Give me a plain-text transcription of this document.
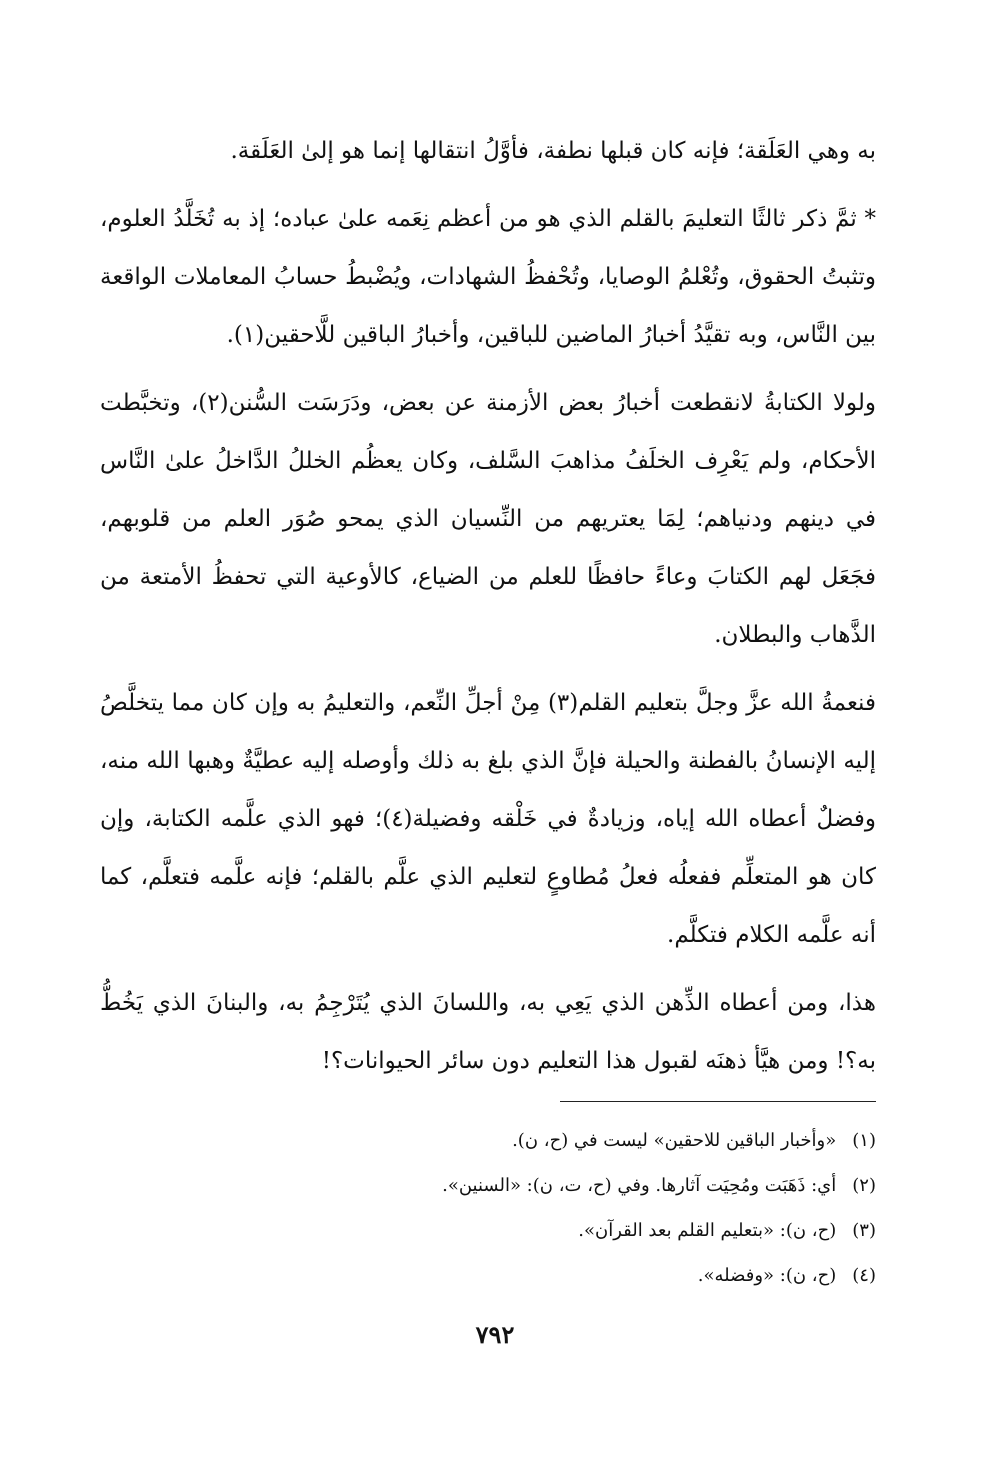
به وهي العَلَقة؛ فإنه كان قبلها نطفة، فأوَّلُ انتقالها إنما هو إلىٰ العَلَقة.

* ثمَّ ذكر ثالثًا التعليمَ بالقلم الذي هو من أعظم نِعَمه علىٰ عباده؛ إذ به تُخَلَّدُ العلوم، وتثبتُ الحقوق، وتُعْلمُ الوصايا، وتُحْفظُ الشهادات، ويُضْبطُ حسابُ المعاملات الواقعة بين النَّاس، وبه تقيَّدُ أخبارُ الماضين للباقين، وأخبارُ الباقين للَّاحقين(١).

ولولا الكتابةُ لانقطعت أخبارُ بعض الأزمنة عن بعض، ودَرَسَت السُّنن(٢)، وتخبَّطت الأحكام، ولم يَعْرِف الخلَفُ مذاهبَ السَّلف، وكان يعظُم الخللُ الدَّاخلُ علىٰ النَّاس في دينهم ودنياهم؛ لِمَا يعتريهم من النِّسيان الذي يمحو صُوَر العلم من قلوبهم، فجَعَل لهم الكتابَ وعاءً حافظًا للعلم من الضياع، كالأوعية التي تحفظُ الأمتعة من الذَّهاب والبطلان.

فنعمةُ الله عزَّ وجلَّ بتعليم القلم(٣) مِنْ أجلِّ النِّعم، والتعليمُ به وإن كان مما يتخلَّصُ إليه الإنسانُ بالفطنة والحيلة فإنَّ الذي بلغ به ذلك وأوصله إليه عطيَّةٌ وهبها الله منه، وفضلٌ أعطاه الله إياه، وزيادةٌ في خَلْقه وفضيلة(٤)؛ فهو الذي علَّمه الكتابة، وإن كان هو المتعلِّم ففعلُه فعلُ مُطاوعٍ لتعليم الذي علَّم بالقلم؛ فإنه علَّمه فتعلَّم، كما أنه علَّمه الكلام فتكلَّم.

هذا، ومن أعطاه الذِّهن الذي يَعِي به، واللسانَ الذي يُتَرْجِمُ به، والبنانَ الذي يَخُطُّ به؟! ومن هيَّأ ذهنَه لقبول هذا التعليم دون سائر الحيوانات؟!

(١) «وأخبار الباقين للاحقين» ليست في (ح، ن).
(٢) أي: ذَهَبَت ومُحِيَت آثارها. وفي (ح، ت، ن): «السنين».
(٣) (ح، ن): «بتعليم القلم بعد القرآن».
(٤) (ح، ن): «وفضله».
٧٩٢
